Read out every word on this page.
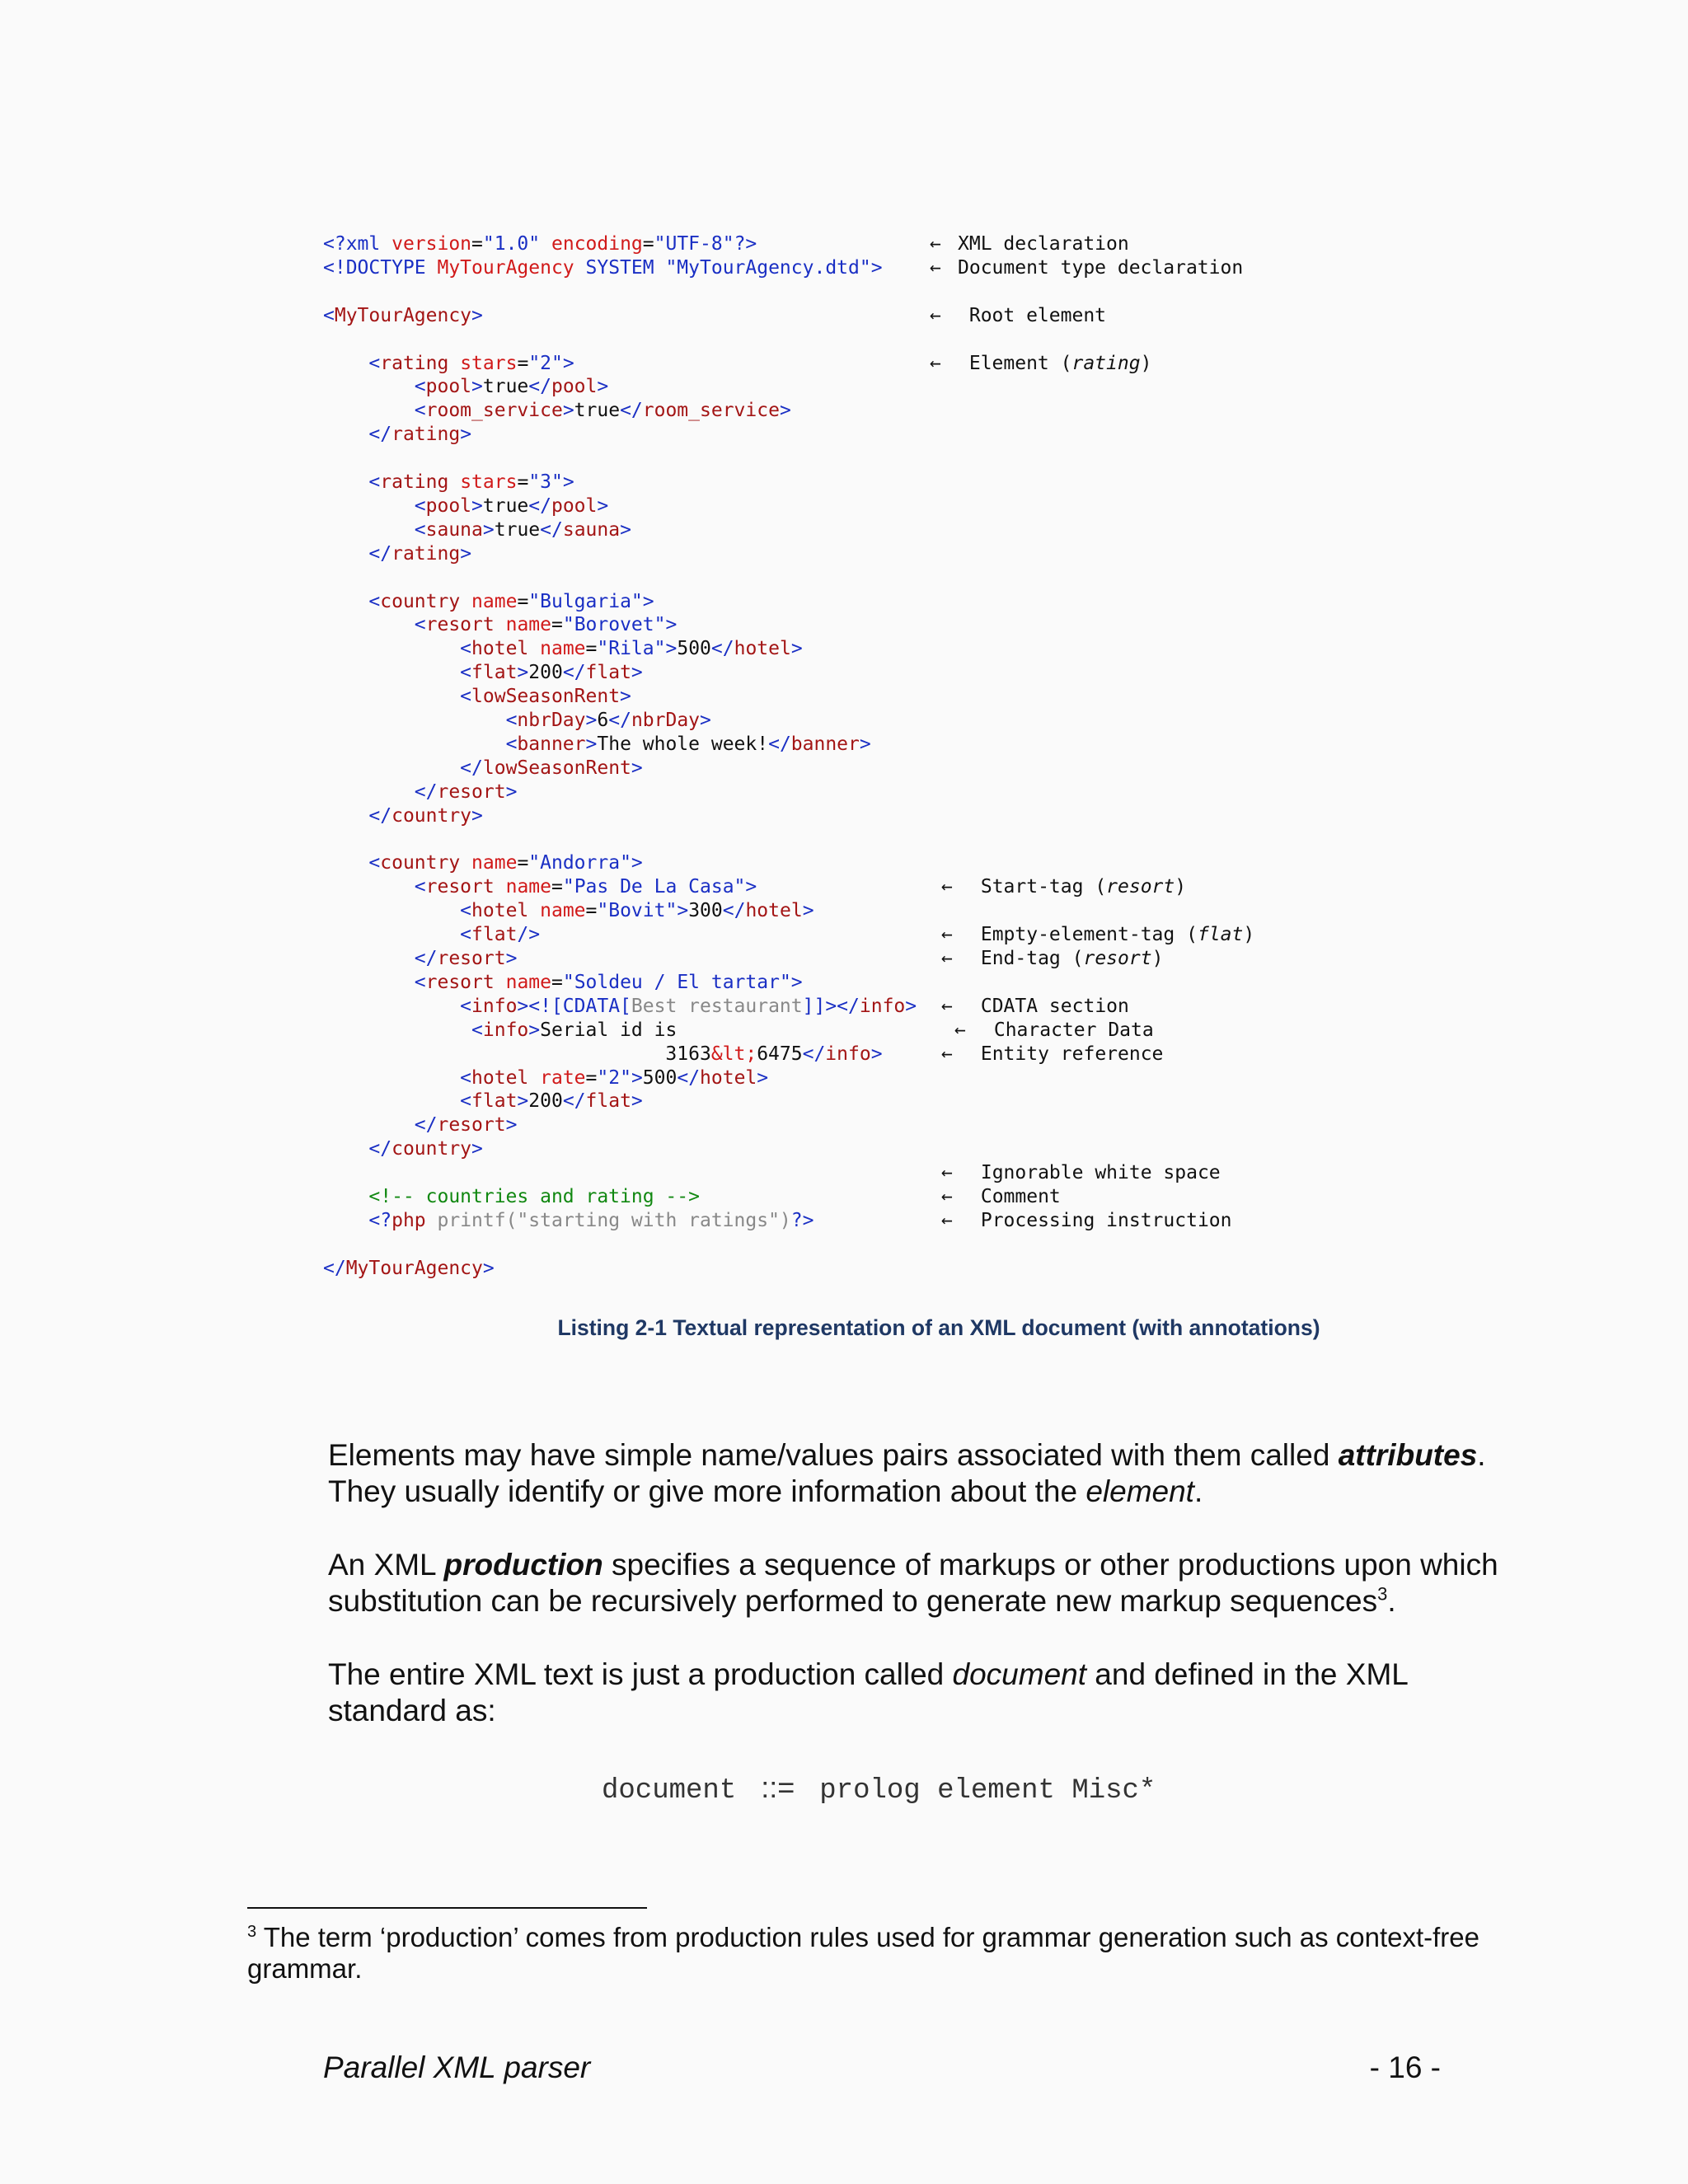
<?xml version="1.0" encoding="UTF-8"?>
<!DOCTYPE MyTourAgency SYSTEM "MyTourAgency.dtd">
<MyTourAgency>
<rating stars="2">
<pool>true</pool>
<room_service>true</room_service>
</rating>
<rating stars="3">
<pool>true</pool>
<sauna>true</sauna>
</rating>
<country name="Bulgaria">
<resort name="Borovet">
<hotel name="Rila">500</hotel>
<flat>200</flat>
<lowSeasonRent>
<nbrDay>6</nbrDay>
<banner>The whole week!</banner>
</lowSeasonRent>
</resort>
</country>
<country name="Andorra">
<resort name="Pas De La Casa">
<hotel name="Bovit">300</hotel>
<flat/>
</resort>
<resort name="Soldeu / El tartar">
<info><![CDATA[Best restaurant]]></info>
<info>Serial id is
3163&lt;6475</info>
<hotel rate="2">500</hotel>
<flat>200</flat>
</resort>
</country>
<!-- countries and rating -->
<?php printf("starting with ratings")?>
</MyTourAgency>
← XML declaration
← Document type declaration
← Root element
← Element (rating)
← Start-tag (resort)
← Empty-element-tag (flat)
← End-tag (resort)
← CDATA section
← Character Data
← Entity reference
← Ignorable white space
← Comment
← Processing instruction
Listing 2-1 Textual representation of an XML document (with annotations)
Elements may have simple name/values pairs associated with them called attributes. They usually identify or give more information about the element.
An XML production specifies a sequence of markups or other productions upon which substitution can be recursively performed to generate new markup sequences$^3$.
The entire XML text is just a production called document and defined in the XML standard as:
document ::= prolog element Misc*
$^3$ The term ‘production’ comes from production rules used for grammar generation such as context-free grammar.
Parallel XML parser	- 16 -
